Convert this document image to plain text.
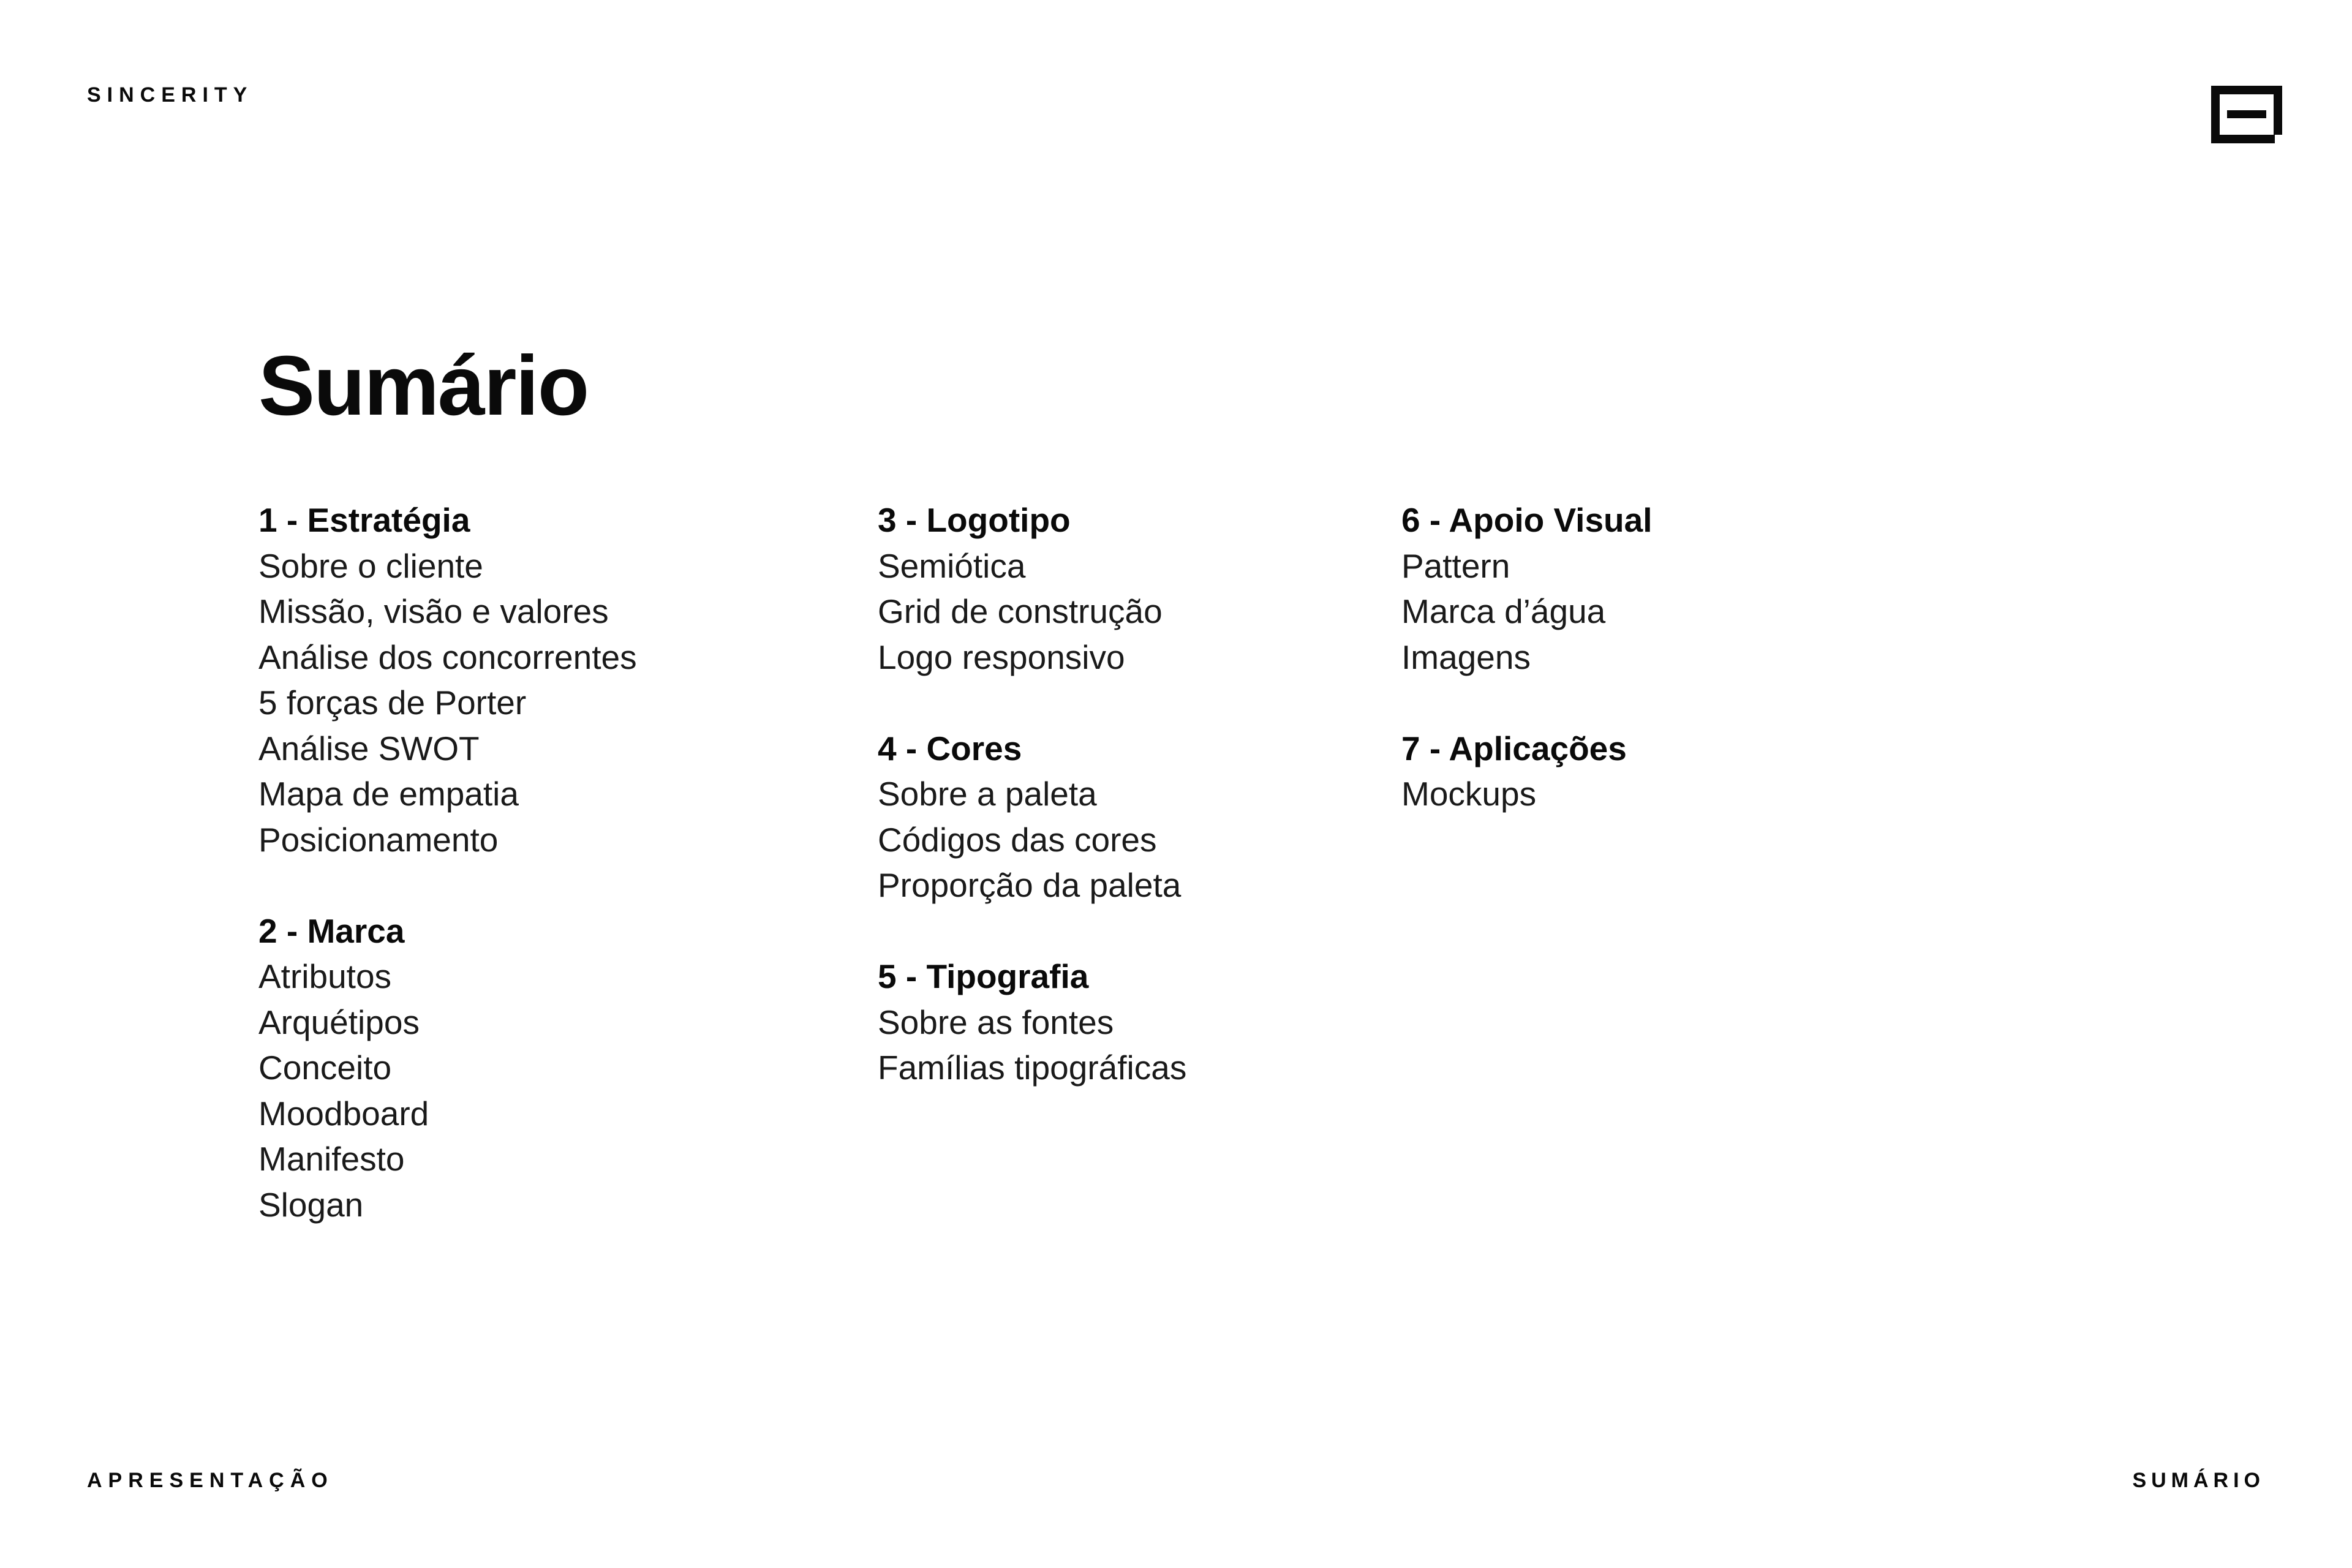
SINCERITY
Sumário
1 - Estratégia
Sobre o cliente
Missão, visão e valores
Análise dos concorrentes
5 forças de Porter
Análise SWOT
Mapa de empatia
Posicionamento
2 - Marca
Atributos
Arquétipos
Conceito
Moodboard
Manifesto
Slogan
3 - Logotipo
Semiótica
Grid de construção
Logo responsivo
4 - Cores
Sobre a paleta
Códigos das cores
Proporção da paleta
5 - Tipografia
Sobre as fontes
Famílias tipográficas
6 - Apoio Visual
Pattern
Marca d’água
Imagens
7 - Aplicações
Mockups
APRESENTAÇÃO	SUMÁRIO
